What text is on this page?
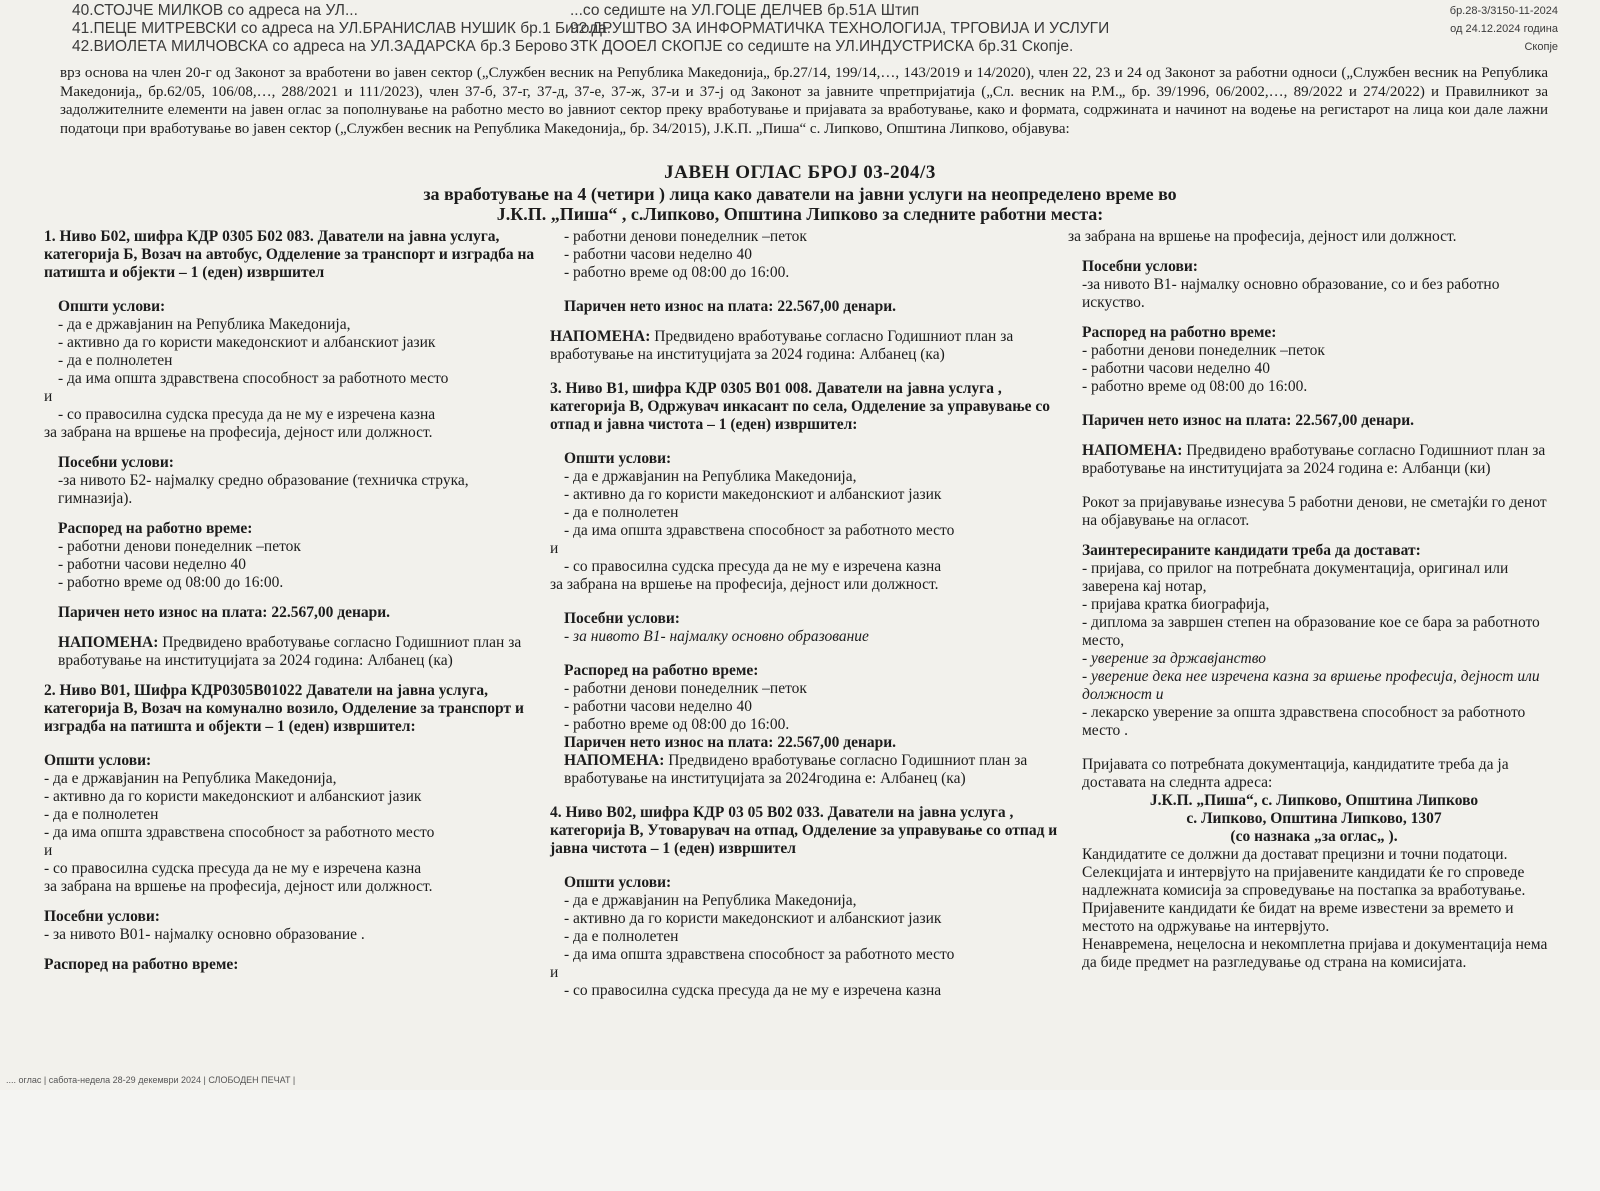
40.СТОЈЧЕ МИЛКОВ со адреса на УЛ...
41.ПЕЦЕ МИТРЕВСКИ со адреса на УЛ.БРАНИСЛАВ НУШИК бр.1 Битола.
42.ВИОЛЕТА МИЛЧОВСКА со адреса на УЛ.ЗАДАРСКА бр.3 Берово
...со седиште на УЛ.ГОЦЕ ДЕЛЧЕВ бр.51А Штип
92.ДРУШТВО ЗА ИНФОРМАТИЧКА ТЕХНОЛОГИЈА, ТРГОВИЈА И УСЛУГИ
ЗТК ДООЕЛ СКОПЈЕ со седиште на УЛ.ИНДУСТРИСКА бр.31 Скопје.
бр.28-3/3150-11-2024
од 24.12.2024 година
Скопје
врз основа на член 20-г од Законот за вработени во јавен сектор („Службен весник на Република Македонија„ бр.27/14, 199/14,…, 143/2019 и 14/2020), член 22, 23 и 24 од Законот за работни односи („Службен весник на Република Македонија„ бр.62/05, 106/08,…, 288/2021 и 111/2023), член 37-б, 37-г, 37-д, 37-е, 37-ж, 37-и и 37-ј од Законот за јавните чпретпријатија („Сл. весник на Р.М.„ бр. 39/1996, 06/2002,…, 89/2022 и 274/2022) и Правилникот за задолжителните елементи на јавен оглас за пополнување на работно место во јавниот сектор преку вработување и пријавата за вработување, како и формата, содржината и начинот на водење на регистарот на лица кои дале лажни податоци при вработување во јавен сектор („Службен весник на Република Македонија„ бр. 34/2015), Ј.К.П. „Пиша“ с. Липково, Општина Липково, објавува:
ЈАВЕН ОГЛАС БРОЈ 03-204/3
за вработување на 4 (четири ) лица како даватели на јавни услуги на неопределено време во
Ј.К.П. „Пиша“ , с.Липково, Општина Липково за следните работни места:

1. Ниво Б02, шифра КДР 0305 Б02 083. Даватели на јавна услуга, категорија Б, Возач на автобус, Одделение за транспорт и изградба на патишта и објекти – 1 (еден) извршител

Општи услови:

- да е државјанин на Република Македонија,

- активно да го користи македонскиот и албанскиот јазик

- да е полнолетен

- да има општа здравствена способност за работното место

и

- со правосилна судска пресуда да не му е изречена казна

за забрана на вршење на професија, дејност или должност.

Посебни услови:

-за нивото Б2- најмалку средно образование (техничка струка, гимназија).

Распоред на работно време:

- работни денови понеделник –петок

- работни часови неделно 40

- работно време од 08:00 до 16:00.

Паричен нето износ на плата: 22.567,00 денари.

НАПОМЕНА: Предвидено вработување согласно Годишниот план за вработување на институцијата за 2024 година: Албанец (ка)

2. Ниво В01, Шифра КДР0305В01022 Даватели на јавна услуга, категорија В, Возач на комунално возило, Одделение за транспорт и изградба на патишта и објекти – 1 (еден) извршител:

Општи услови:

- да е државјанин на Република Македонија,

- активно да го користи македонскиот и албанскиот јазик

- да е полнолетен

- да има општа здравствена способност за работното место

и

- со правосилна судска пресуда да не му е изречена казна

за забрана на вршење на професија, дејност или должност.

Посебни услови:

- за нивото В01- најмалку основно образование .

Распоред на работно време:

- работни денови понеделник –петок

- работни часови неделно 40

- работно време од 08:00 до 16:00.

Паричен нето износ на плата: 22.567,00 денари.

НАПОМЕНА: Предвидено вработување согласно Годишниот план за вработување на институцијата за 2024 година: Албанец (ка)

3. Ниво В1, шифра КДР 0305 В01 008. Даватели на јавна услуга , категорија В, Одржувач инкасант по села, Одделение за управување со отпад и јавна чистота – 1 (еден) извршител:

Општи услови:

- да е државјанин на Република Македонија,

- активно да го користи македонскиот и албанскиот јазик

- да е полнолетен

- да има општа здравствена способност за работното место

и

- со правосилна судска пресуда да не му е изречена казна

за забрана на вршење на професија, дејност или должност.

Посебни услови:

- за нивото В1- најмалку основно образование

Распоред на работно време:

- работни денови понеделник –петок

- работни часови неделно 40

- работно време од 08:00 до 16:00.

Паричен нето износ на плата: 22.567,00 денари.

НАПОМЕНА: Предвидено вработување согласно Годишниот план за вработување на институцијата за 2024година е: Албанец (ка)

4. Ниво В02, шифра КДР 03 05 В02 033. Даватели на јавна услуга , категорија В, Утоварувач на отпад, Одделение за управување со отпад и јавна чистота – 1 (еден) извршител

Општи услови:

- да е државјанин на Република Македонија,

- активно да го користи македонскиот и албанскиот јазик

- да е полнолетен

- да има општа здравствена способност за работното место

и

- со правосилна судска пресуда да не му е изречена казна

за забрана на вршење на професија, дејност или должност.

Посебни услови:

-за нивото В1- најмалку основно образование, со и без работно искуство.

Распоред на работно време:

- работни денови понеделник –петок

- работни часови неделно 40

- работно време од 08:00 до 16:00.

Паричен нето износ на плата: 22.567,00 денари.

НАПОМЕНА: Предвидено вработување согласно Годишниот план за вработување на институцијата за 2024 година е: Албанци (ки)

Рокот за пријавување изнесува 5 работни денови, не сметајќи го денот на објавување на огласот.

Заинтересираните кандидати треба да достават:

- пријава, со прилог на потребната документација, оригинал или заверена кај нотар,

- пријава кратка биографија,

- диплома за завршен степен на образование кое се бара за работното место,

- уверение за државјанство

- уверение дека нее изречена казна за вршење професија, дејност или должност и

- лекарско уверение за општа здравствена способност за работното место .

Пријавата со потребната документација, кандидатите треба да ја доставата на следнта адреса:

Ј.К.П. „Пиша“, с. Липково, Општина Липково

с. Липково, Општина Липково, 1307

(со назнака „за оглас„ ).

Кандидатите се должни да достават прецизни и точни податоци.

Селекцијата и интервјуто на пријавените кандидати ќе го спроведе надлежната комисија за спроведување на постапка за вработување.

Пријавените кандидати ќе бидат на време известени за времето и местото на одржување на интервјуто.

Ненавремена, нецелосна и некомплетна пријава и документација нема да биде предмет на разгледување од страна на комисијата.

.... оглас | сабота-недела 28-29 декември 2024 | СЛОБОДЕН ПЕЧАТ |
